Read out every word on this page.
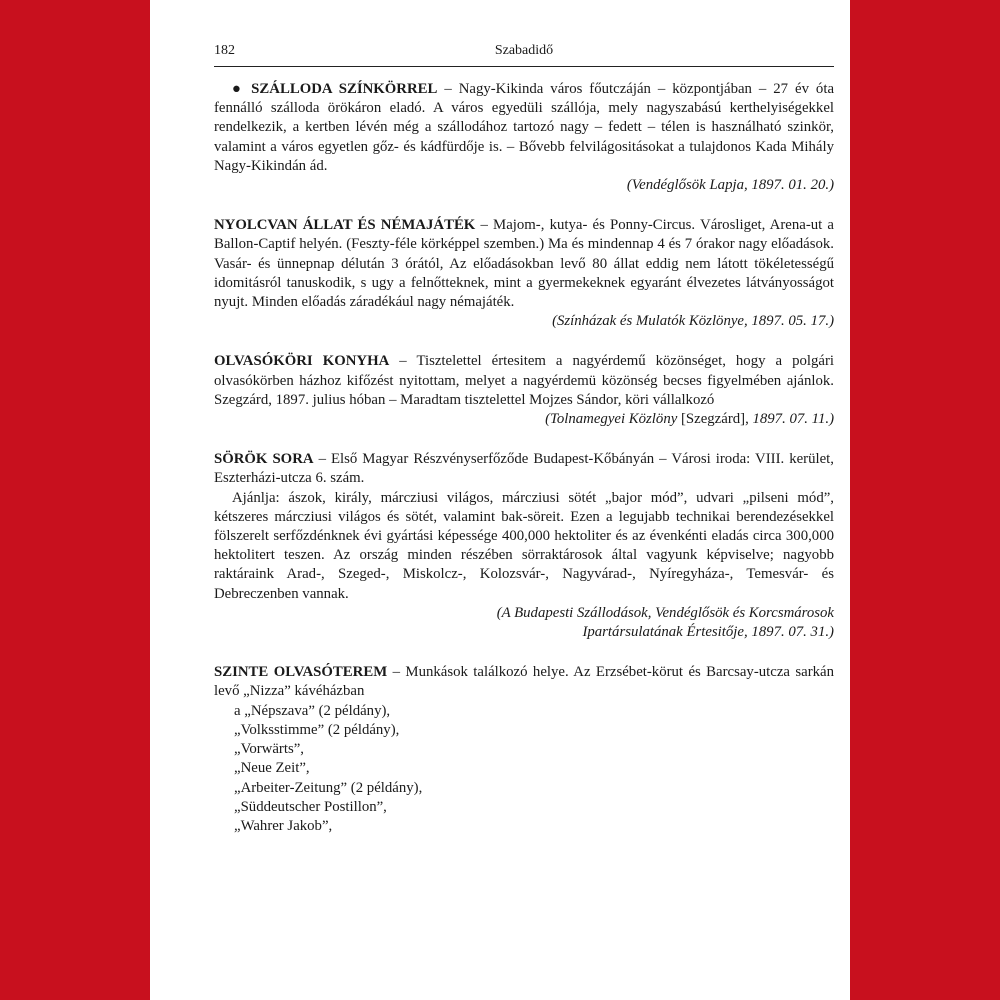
182	Szabadidő

● SZÁLLODA SZÍNKÖRREL – Nagy-Kikinda város főutczáján – központjában – 27 év óta fennálló szálloda örökáron eladó. A város egyedüli szállója, mely nagyszabású kerthelyiségekkel rendelkezik, a kertben lévén még a szállodához tartozó nagy – fedett – télen is használható szinkör, valamint a város egyetlen gőz- és kádfürdője is. – Bővebb felvilágositásokat a tulajdonos Kada Mihály Nagy-Kikindán ád.

(Vendéglősök Lapja, 1897. 01. 20.)

NYOLCVAN ÁLLAT ÉS NÉMAJÁTÉK – Majom-, kutya- és Ponny-Circus. Városliget, Arena-ut a Ballon-Captif helyén. (Feszty-féle körképpel szemben.) Ma és mindennap 4 és 7 órakor nagy előadások. Vasár- és ünnepnap délután 3 órától, Az előadásokban levő 80 állat eddig nem látott tökéletességű idomitásról tanuskodik, s ugy a felnőtteknek, mint a gyermekeknek egyaránt élvezetes látványosságot nyujt. Minden előadás záradékául nagy némajáték.

(Színházak és Mulatók Közlönye, 1897. 05. 17.)

OLVASÓKÖRI KONYHA – Tisztelettel értesitem a nagyérdemű közönséget, hogy a polgári olvasókörben házhoz kifőzést nyitottam, melyet a nagyérdemü közönség becses figyelmében ajánlok. Szegzárd, 1897. julius hóban – Maradtam tisztelettel Mojzes Sándor, köri vállalkozó

(Tolnamegyei Közlöny [Szegzárd], 1897. 07. 11.)

SÖRÖK SORA – Első Magyar Részvényserfőződe Budapest-Kőbányán – Városi iroda: VIII. kerület, Eszterházi-utcza 6. szám.

Ajánlja: ászok, király, márcziusi világos, márcziusi sötét „bajor mód”, udvari „pilseni mód”, kétszeres márcziusi világos és sötét, valamint bak-söreit. Ezen a legujabb technikai berendezésekkel fölszerelt serfőzdénknek évi gyártási képessége 400,000 hektoliter és az évenkénti eladás circa 300,000 hektolitert teszen. Az ország minden részében sörraktárosok által vagyunk képviselve; nagyobb raktáraink Arad-, Szeged-, Miskolcz-, Kolozsvár-, Nagyvárad-, Nyíregyháza-, Temesvár- és Debreczenben vannak.

(A Budapesti Szállodások, Vendéglősök és Korcsmárosok

Ipartársulatának Értesitője, 1897. 07. 31.)

SZINTE OLVASÓTEREM – Munkások találkozó helye. Az Erzsébet-körut és Barcsay-utcza sarkán levő „Nizza” kávéházban

a „Népszava” (2 példány),
„Volksstimme” (2 példány),
„Vorwärts”,
„Neue Zeit”,
„Arbeiter-Zeitung” (2 példány),
„Süddeutscher Postillon”,
„Wahrer Jakob”,
